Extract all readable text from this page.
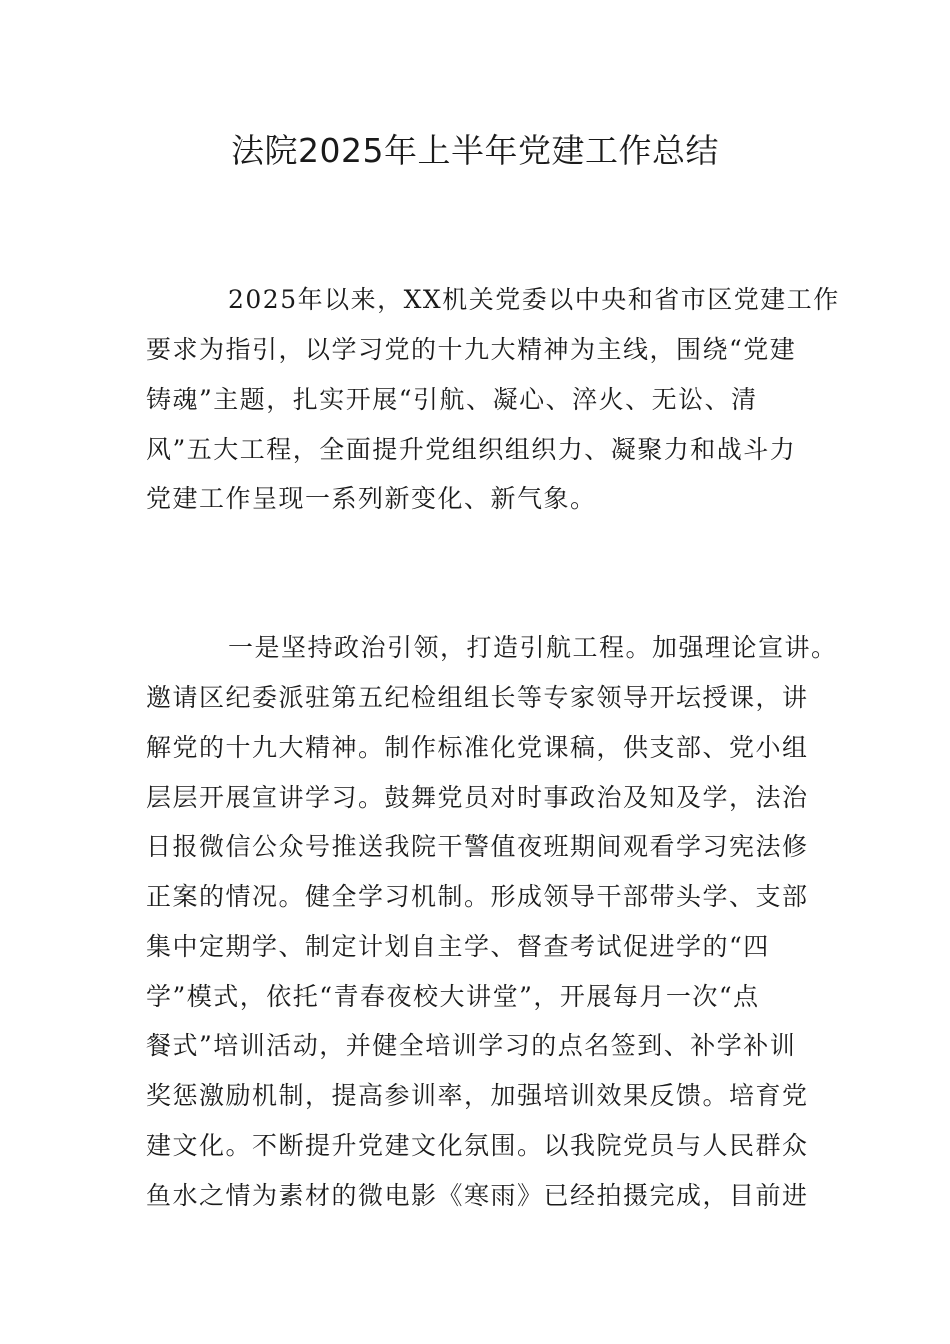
法院2025年上半年党建工作总结
2025年以来，XX机关党委以中央和省市区党建工作
要求为指引，以学习党的十九大精神为主线，围绕“党建
铸魂”主题，扎实开展“引航、凝心、淬火、无讼、清
风”五大工程，全面提升党组织组织力、凝聚力和战斗力
党建工作呈现一系列新变化、新气象。
一是坚持政治引领，打造引航工程。加强理论宣讲。
邀请区纪委派驻第五纪检组组长等专家领导开坛授课，讲
解党的十九大精神。制作标准化党课稿，供支部、党小组
层层开展宣讲学习。鼓舞党员对时事政治及知及学，法治
日报微信公众号推送我院干警值夜班期间观看学习宪法修
正案的情况。健全学习机制。形成领导干部带头学、支部
集中定期学、制定计划自主学、督查考试促进学的“四
学”模式，依托“青春夜校大讲堂”，开展每月一次“点
餐式”培训活动，并健全培训学习的点名签到、补学补训
奖惩激励机制，提高参训率，加强培训效果反馈。培育党
建文化。不断提升党建文化氛围。以我院党员与人民群众
鱼水之情为素材的微电影《寒雨》已经拍摄完成，目前进
